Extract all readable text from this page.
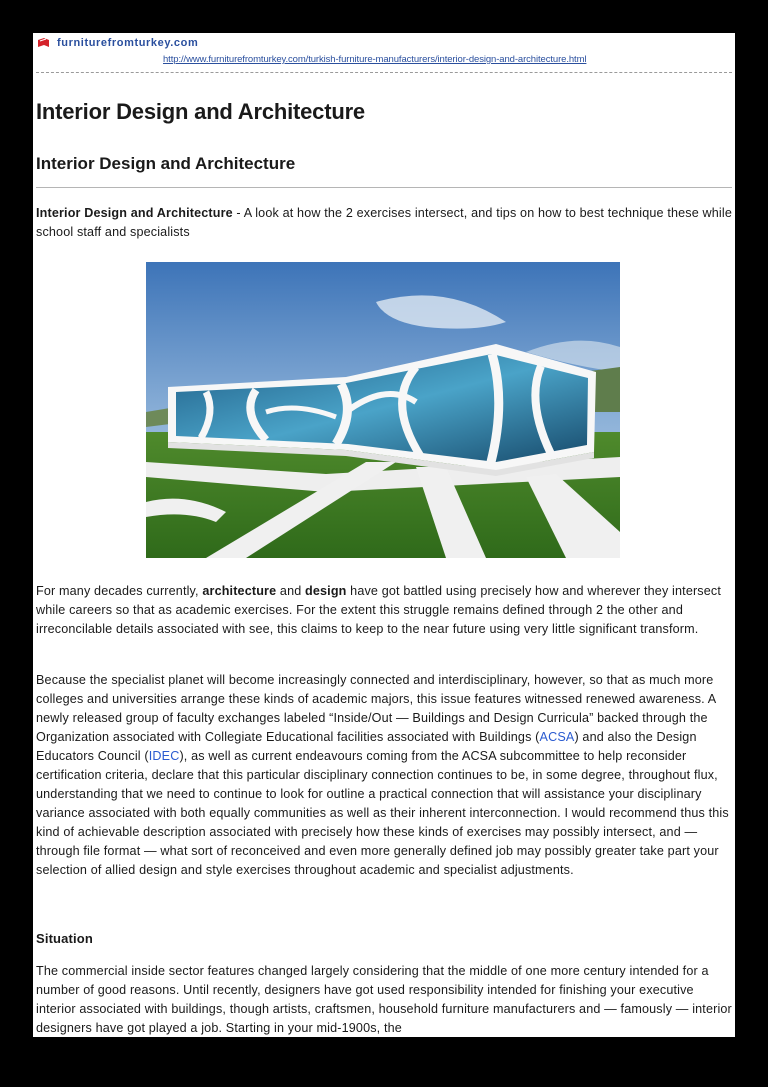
furniturefromturkey.com
http://www.furniturefromturkey.com/turkish-furniture-manufacturers/interior-design-and-architecture.html
Interior Design and Architecture
Interior Design and Architecture
Interior Design and Architecture - A look at how the 2 exercises intersect, and tips on how to best technique these while school staff and specialists
For many decades currently, architecture and design have got battled using precisely how and wherever they intersect while careers so that as academic exercises. For the extent this struggle remains defined through 2 the other and irreconcilable details associated with see, this claims to keep to the near future using very little significant transform.
Because the specialist planet will become increasingly connected and interdisciplinary, however, so that as much more colleges and universities arrange these kinds of academic majors, this issue features witnessed renewed awareness. A newly released group of faculty exchanges labeled “Inside/Out — Buildings and Design Curricula” backed through the Organization associated with Collegiate Educational facilities associated with Buildings (ACSA) and also the Design Educators Council (IDEC), as well as current endeavours coming from the ACSA subcommittee to help reconsider certification criteria, declare that this particular disciplinary connection continues to be, in some degree, throughout flux, understanding that we need to continue to look for outline a practical connection that will assistance your disciplinary variance associated with both equally communities as well as their inherent interconnection. I would recommend thus this kind of achievable description associated with precisely how these kinds of exercises may possibly intersect, and — through file format — what sort of reconceived and even more generally defined job may possibly greater take part your selection of allied design and style exercises throughout academic and specialist adjustments.
Situation
The commercial inside sector features changed largely considering that the middle of one more century intended for a number of good reasons. Until recently, designers have got used responsibility intended for finishing your executive interior associated with buildings, though artists, craftsmen, household furniture manufacturers and — famously — interior designers have got played a job. Starting in your mid-1900s, the
